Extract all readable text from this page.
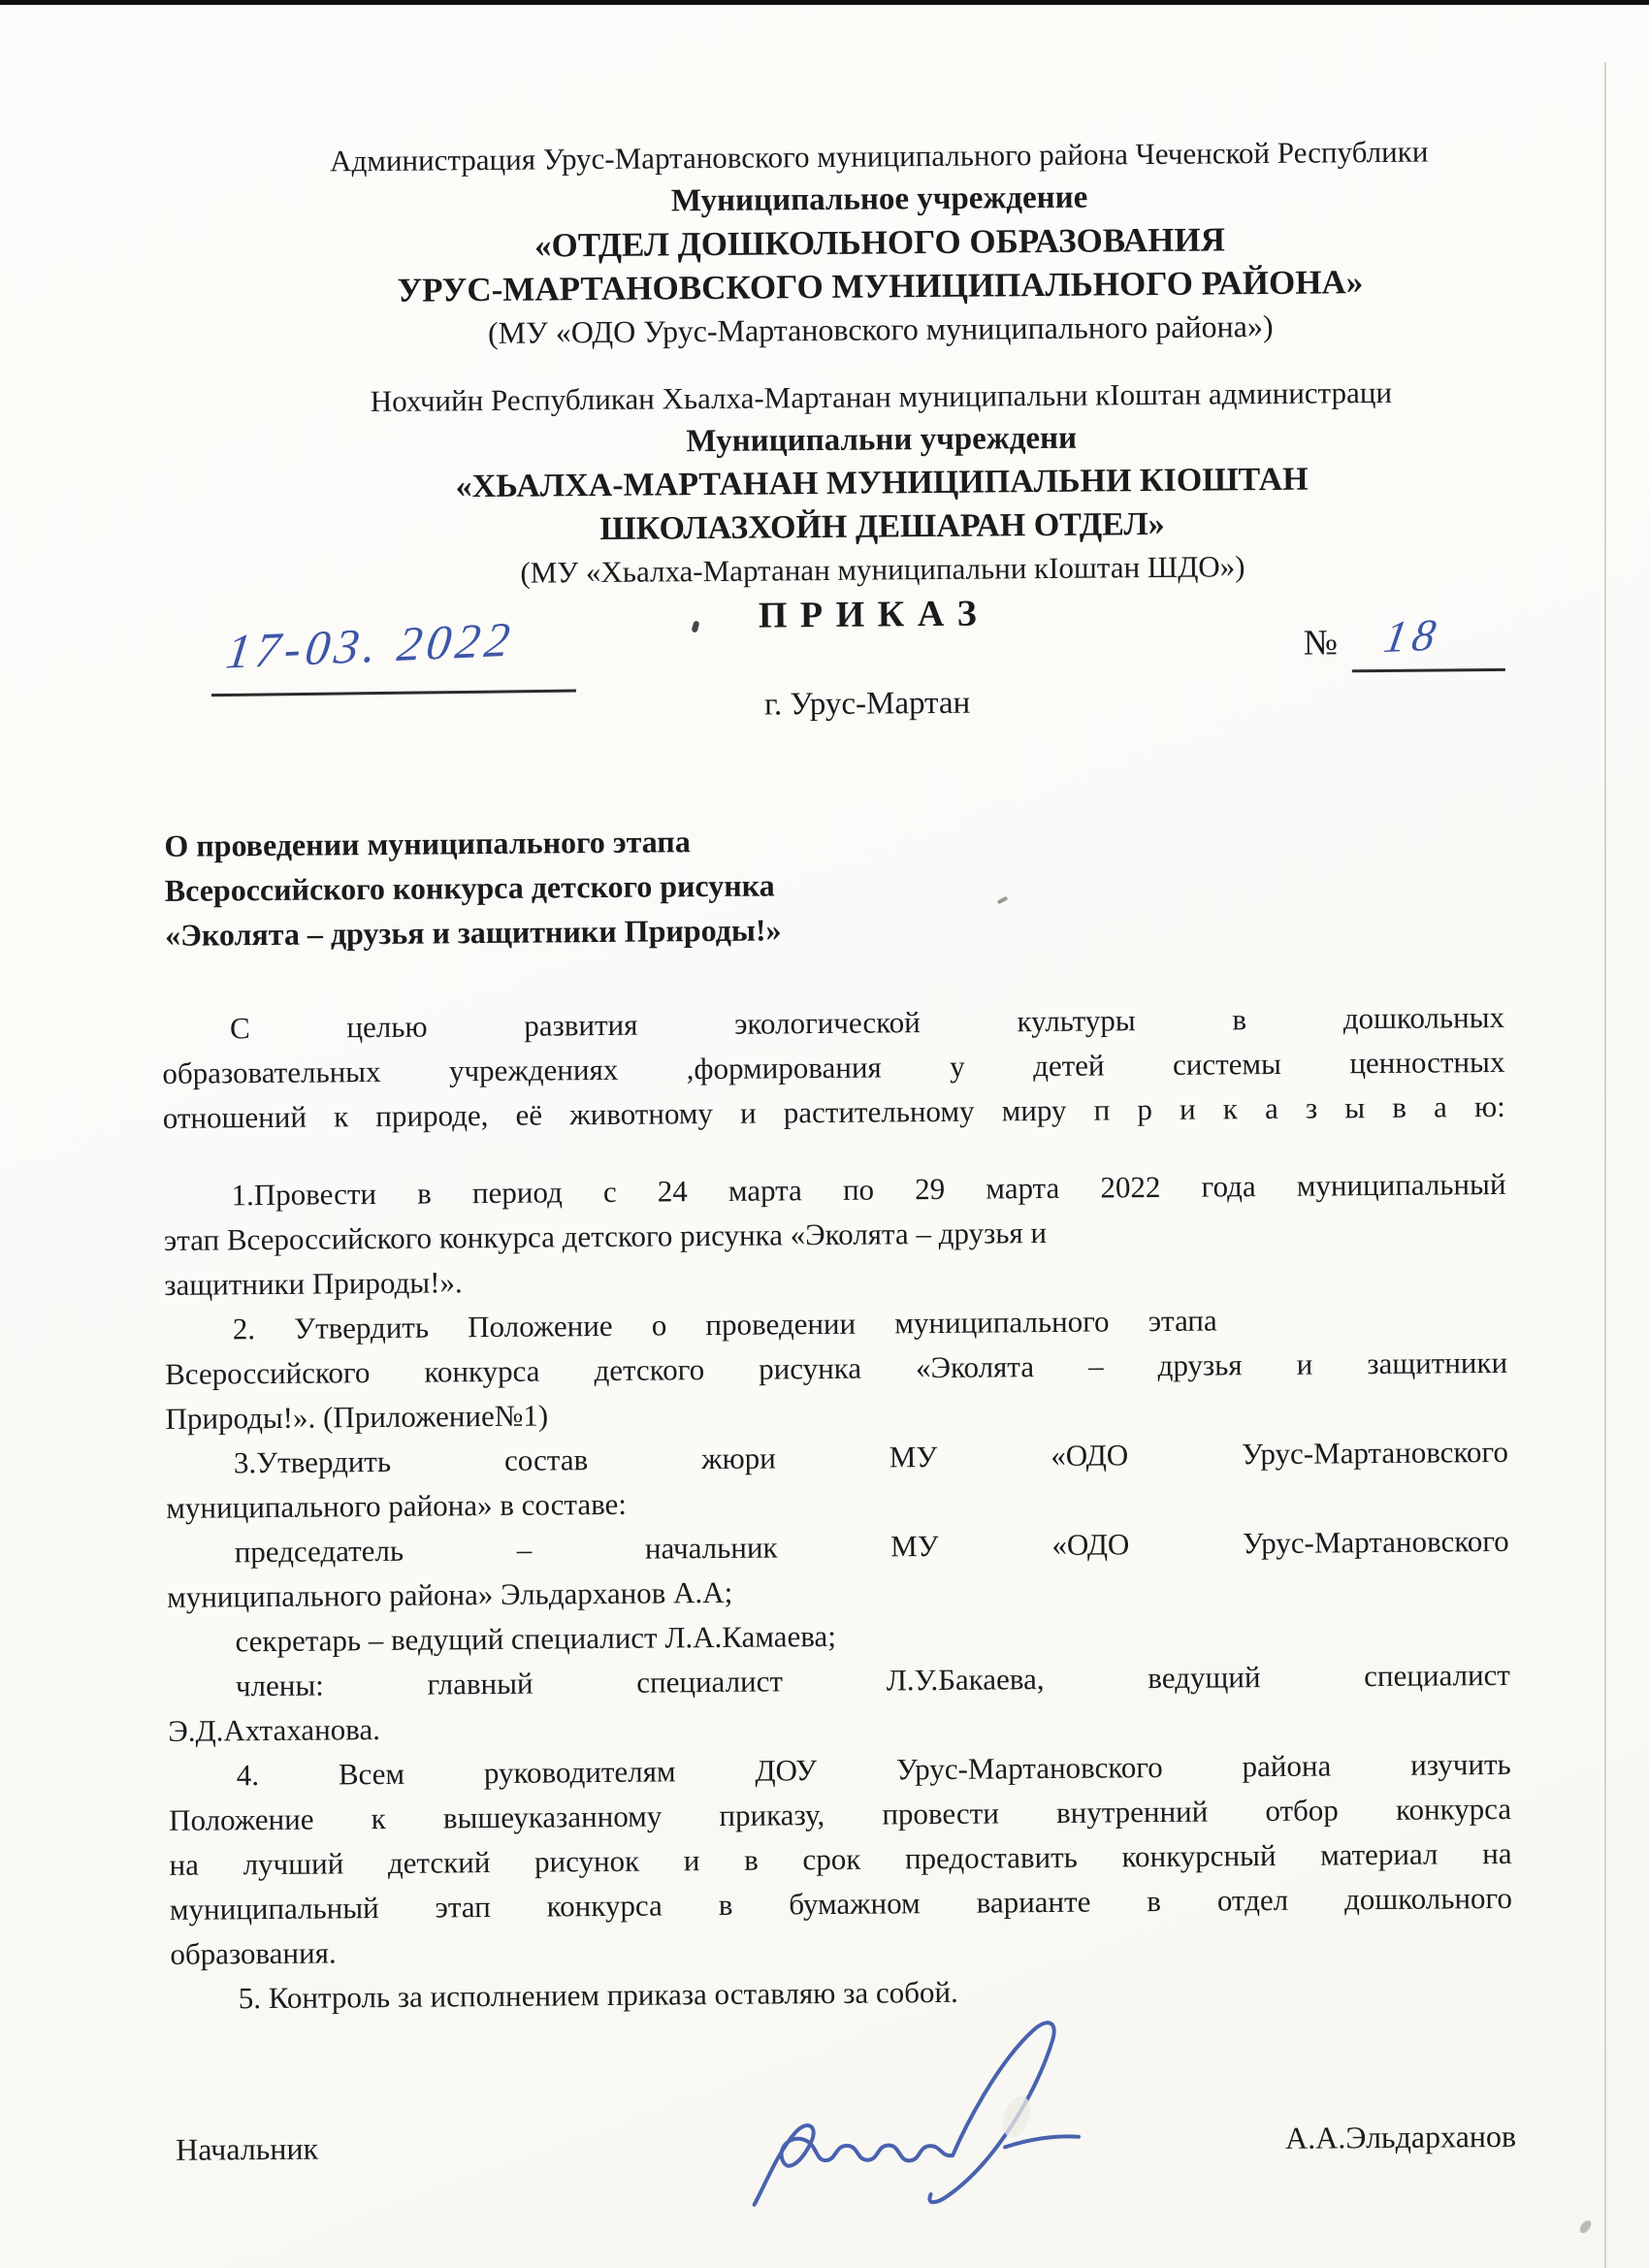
Администрация Урус-Мартановского муниципального района Чеченской Республики
Муниципальное учреждение
«ОТДЕЛ ДОШКОЛЬНОГО ОБРАЗОВАНИЯ
УРУС-МАРТАНОВСКОГО МУНИЦИПАЛЬНОГО РАЙОНА»
(МУ «ОДО Урус-Мартановского муниципального района»)
Нохчийн Республикан Хьалха-Мартанан муниципальни кIоштан администраци
Муниципальни учреждени
«ХЬАЛХА-МАРТАНАН МУНИЦИПАЛЬНИ КIОШТАН
ШКОЛАЗХОЙН ДЕШАРАН ОТДЕЛ»
(МУ «Хьалха-Мартанан муниципальни кIоштан ШДО»)
П Р И К А З
17-03. 2022	№ 18
г. Урус-Мартан
О проведении муниципального этапа
Всероссийского конкурса детского рисунка
«Эколята – друзья и защитники Природы!»
С целью развития экологической культуры в дошкольных
образовательных учреждениях ,формирования у детей системы ценностных
отношений к природе, её животному и растительному миру п р и к а з ы в а ю:
1.Провести в период с 24 марта по 29 марта 2022 года муниципальный
этап Всероссийского конкурса детского рисунка «Эколята – друзья и
защитники Природы!».
2. Утвердить Положение о проведении муниципального этапа
Всероссийского конкурса детского рисунка «Эколята – друзья и защитники
Природы!». (Приложение№1)
3.Утвердить состав жюри МУ «ОДО Урус-Мартановского
муниципального района» в составе:
председатель – начальник МУ «ОДО Урус-Мартановского
муниципального района» Эльдарханов А.А;
секретарь – ведущий специалист Л.А.Камаева;
члены: главный специалист Л.У.Бакаева, ведущий специалист
Э.Д.Ахтаханова.
4. Всем руководителям ДОУ Урус-Мартановского района изучить
Положение к вышеуказанному приказу, провести внутренний отбор конкурса
на лучший детский рисунок и в срок предоставить конкурсный материал на
муниципальный этап конкурса в бумажном варианте в отдел дошкольного
образования.
5. Контроль за исполнением приказа оставляю за собой.
Начальник	А.А.Эльдарханов
